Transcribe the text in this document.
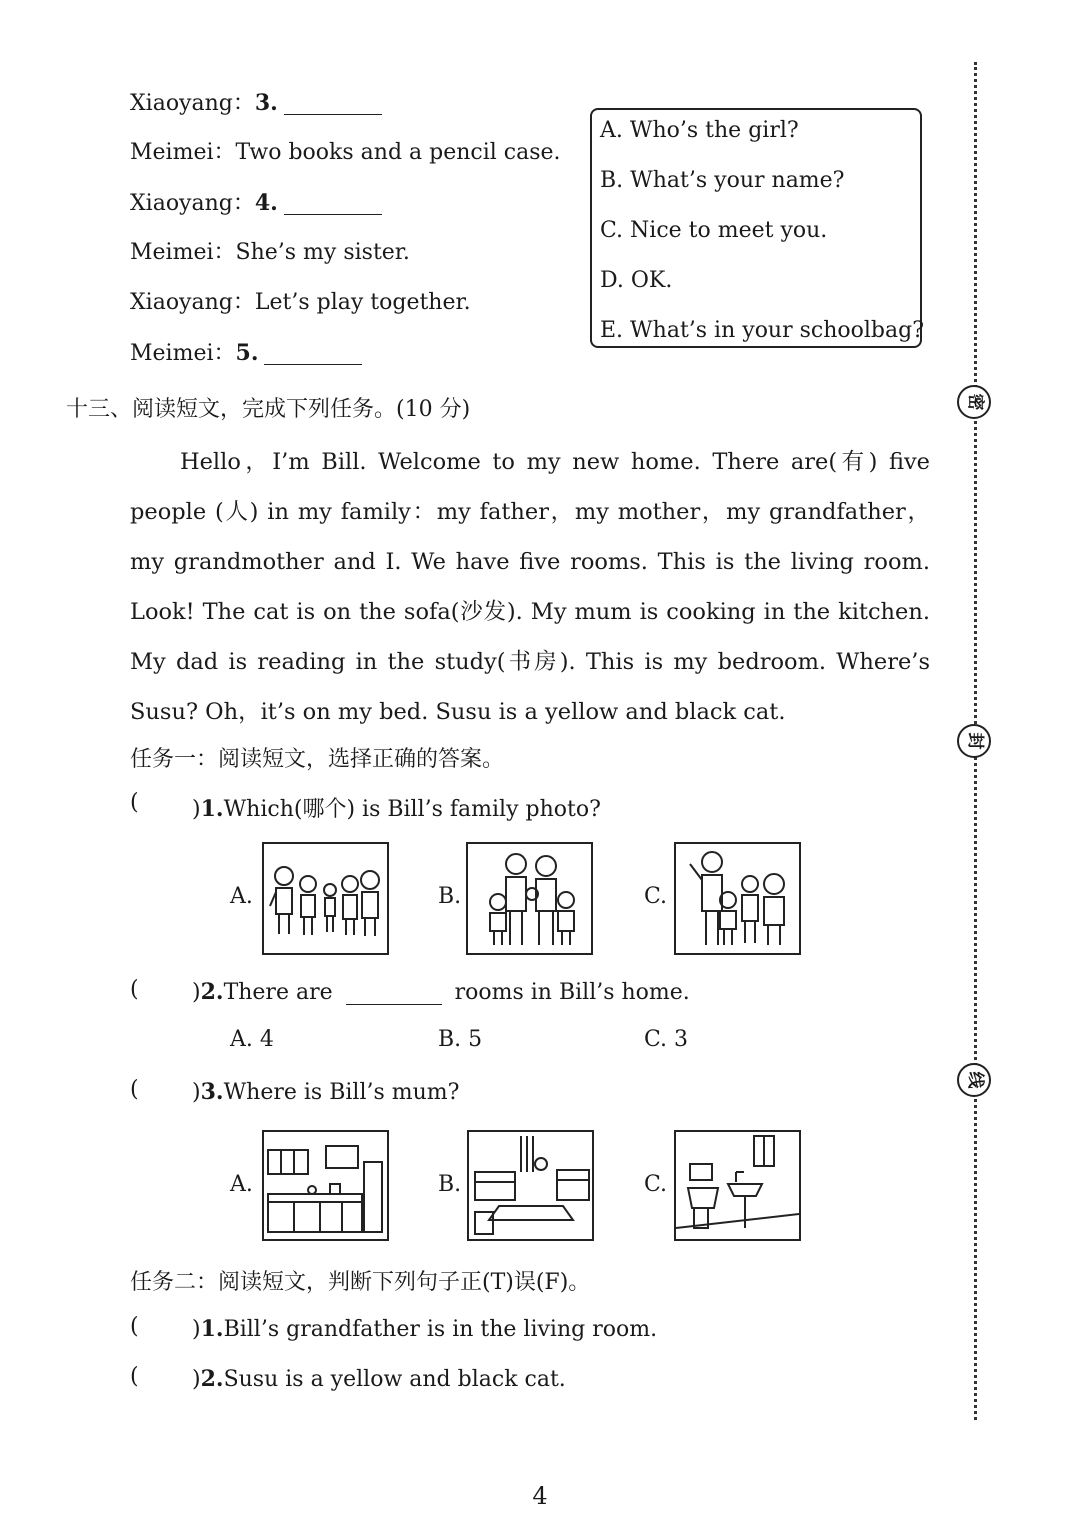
Xiaoyang：3.
Meimei：Two books and a pencil case.
Xiaoyang：4.
Meimei：She’s my sister.
Xiaoyang：Let’s play together.
Meimei：5.
A. Who’s the girl?
B. What’s your name?
C. Nice to meet you.
D. OK.
E. What’s in your schoolbag?
十三、阅读短文，完成下列任务。(10 分)

Hello，I’m Bill. Welcome to my new home. There are(有) five people (人) in my family：my father，my mother，my grandfather，my grandmother and I. We have five rooms. This is the living room. Look! The cat is on the sofa(沙发). My mum is cooking in the kitchen. My dad is reading in the study(书房). This is my bedroom. Where’s Susu? Oh，it’s on my bed. Susu is a yellow and black cat.

任务一：阅读短文，选择正确的答案。
( )1.Which(哪个) is Bill’s family photo?
A.	B.	C.
( )2.There are	rooms in Bill’s home.
A. 4	B. 5	C. 3
( )3.Where is Bill’s mum?
A.	B.	C.
任务二：阅读短文，判断下列句子正(T)误(F)。
( )1.Bill’s grandfather is in the living room.
( )2.Susu is a yellow and black cat.
密
封
线
4
